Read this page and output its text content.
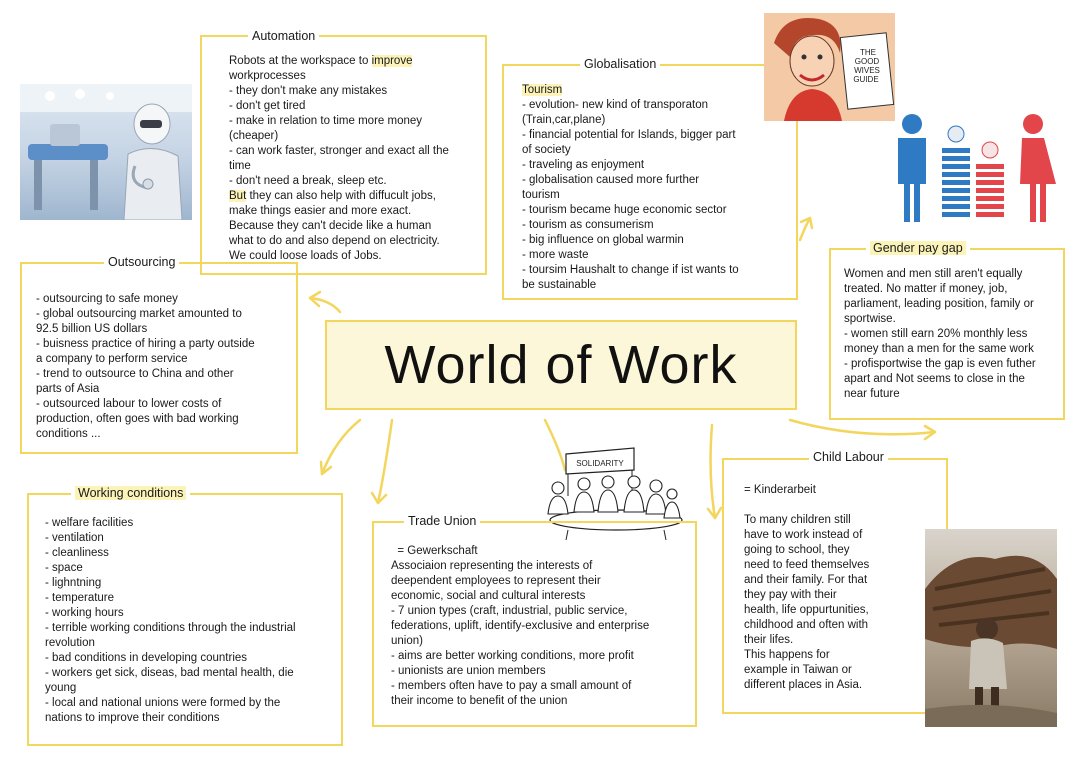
World of Work
Automation

Robots at the workspace to improve

workprocesses

- they don't make any mistakes

- don't get tired

- make in relation to time more money

(cheaper)

- can work faster, stronger and exact all the

time

- don't need a break, sleep etc.

But they can also help with diffucult jobs,

make things easier and more exact.

Because they can't decide like a human

what to do and also depend on electricity.

We could loose loads of Jobs.

Globalisation

Tourism

- evolution- new kind of transporaton

(Train,car,plane)

- financial potential for Islands, bigger part

of society

- traveling as enjoyment

- globalisation caused more further

tourism

- tourism became huge economic sector

- tourism as consumerism

- big influence on global warmin

- more waste

- toursim Haushalt to change if ist wants to

be sustainable

THE
GOOD
WIVES
GUIDE
Outsourcing

- outsourcing to safe money

- global outsourcing market amounted to

92.5 billion US dollars

- buisness practice of hiring a party outside

a company to perform service

- trend to outsource to China and other

parts of Asia

- outsourced labour to lower costs of

production, often goes with bad working

conditions ...

Gender pay gap

Women and men still aren't equally

treated. No matter if money, job,

parliament, leading position, family or

sportwise.

- women still earn 20% monthly less

money than a men for the same work

- profisportwise the gap is even futher

apart and Not seems to close in the

near future

Working conditions

- welfare facilities

- ventilation

- cleanliness

- space

- lighntning

- temperature

- working hours

- terrible working conditions through the industrial

revolution

- bad conditions in developing countries

- workers get sick, diseas, bad mental health, die

young

- local and national unions were formed by the

nations to improve their conditions

SOLIDARITY
Trade Union

= Gewerkschaft

Associaion representing the interests of

deependent employees to represent their

economic, social and cultural interests

- 7 union types (craft, industrial, public service,

federations, uplift, identify-exclusive and enterprise

union)

- aims are better working conditions, more profit

- unionists are union members

- members often have to pay a small amount of

their income to benefit of the union

Child Labour

= Kinderarbeit

To many children still

have to work instead of

going to school, they

need to feed themselves

and their family. For that

they pay with their

health, life oppurtunities,

childhood and often with

their lifes.

This happens for

example in Taiwan or

different places in Asia.
